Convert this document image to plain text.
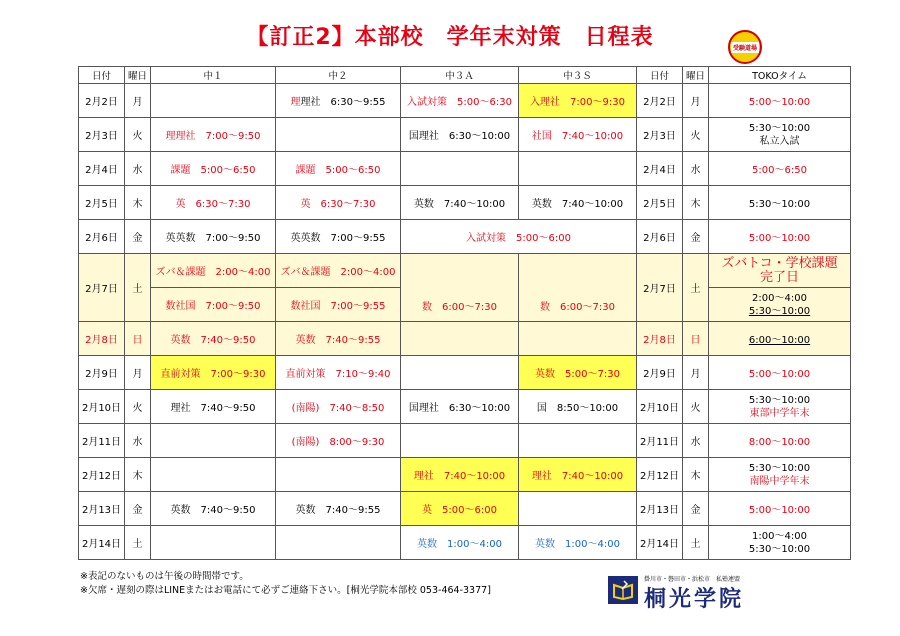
【訂正2】本部校　学年末対策　日程表	受験道場
日付	曜日	中１	中２	中３Ａ	中３Ｓ	日付	曜日	TOKOタイム
2月2日	月		理理社　6:30～9:55	入試対策　5:00～6:30	入理社　7:00～9:30	2月2日	月	5:00～10:00
2月3日	火	理理社　7:00～9:50		国理社　6:30～10:00	社国　7:40～10:00	2月3日	火	5:30～10:00
私立入試

2月4日	水	課題　5:00～6:50	課題　5:00～6:50			2月4日	水	5:00～6:50
2月5日	木	英　6:30～7:30	英　6:30～7:30	英数　7:40～10:00	英数　7:40～10:00	2月5日	木	5:30～10:00
2月6日	金	英英数　7:00～9:50	英英数　7:00～9:55	入試対策　5:00～6:00		2月6日	金	5:00～10:00
2月7日	土	ズバ＆課題　2:00～4:00	ズバ＆課題　2:00～4:00	数　6:00～7:30	数　6:00～7:30	2月7日	土	ズバトコ・学校課題
完了日

		数社国　7:00～9:50	数社国　7:00～9:55					2:00～4:00
5:30～10:00

2月8日	日	英数　7:40～9:50	英数　7:40～9:55			2月8日	日	6:00～10:00
2月9日	月	直前対策　7:00～9:30	直前対策　7:10～9:40		英数　5:00～7:30	2月9日	月	5:00～10:00
2月10日	火	理社　7:40～9:50	(南陽)　7:40～8:50	国理社　6:30～10:00	国　8:50～10:00	2月10日	火	5:30～10:00
東部中学年末

2月11日	水		(南陽)　8:00～9:30			2月11日	水	8:00～10:00
2月12日	木			理社　7:40～10:00	理社　7:40～10:00	2月12日	木	5:30～10:00
南陽中学年末

2月13日	金	英数　7:40～9:50	英数　7:40～9:55	英　5:00～6:00		2月13日	金	5:00～10:00
2月14日	土			英数　1:00～4:00	英数　1:00～4:00	2月14日	土	1:00～4:00
5:30～10:00
※表記のないものは午後の時間帯です。
※欠席・遅刻の際はLINEまたはお電話にて必ずご連絡下さい。[桐光学院本部校 053-464-3377]
掛川市・磐田市・浜松市　私塾連盟
桐光学院
